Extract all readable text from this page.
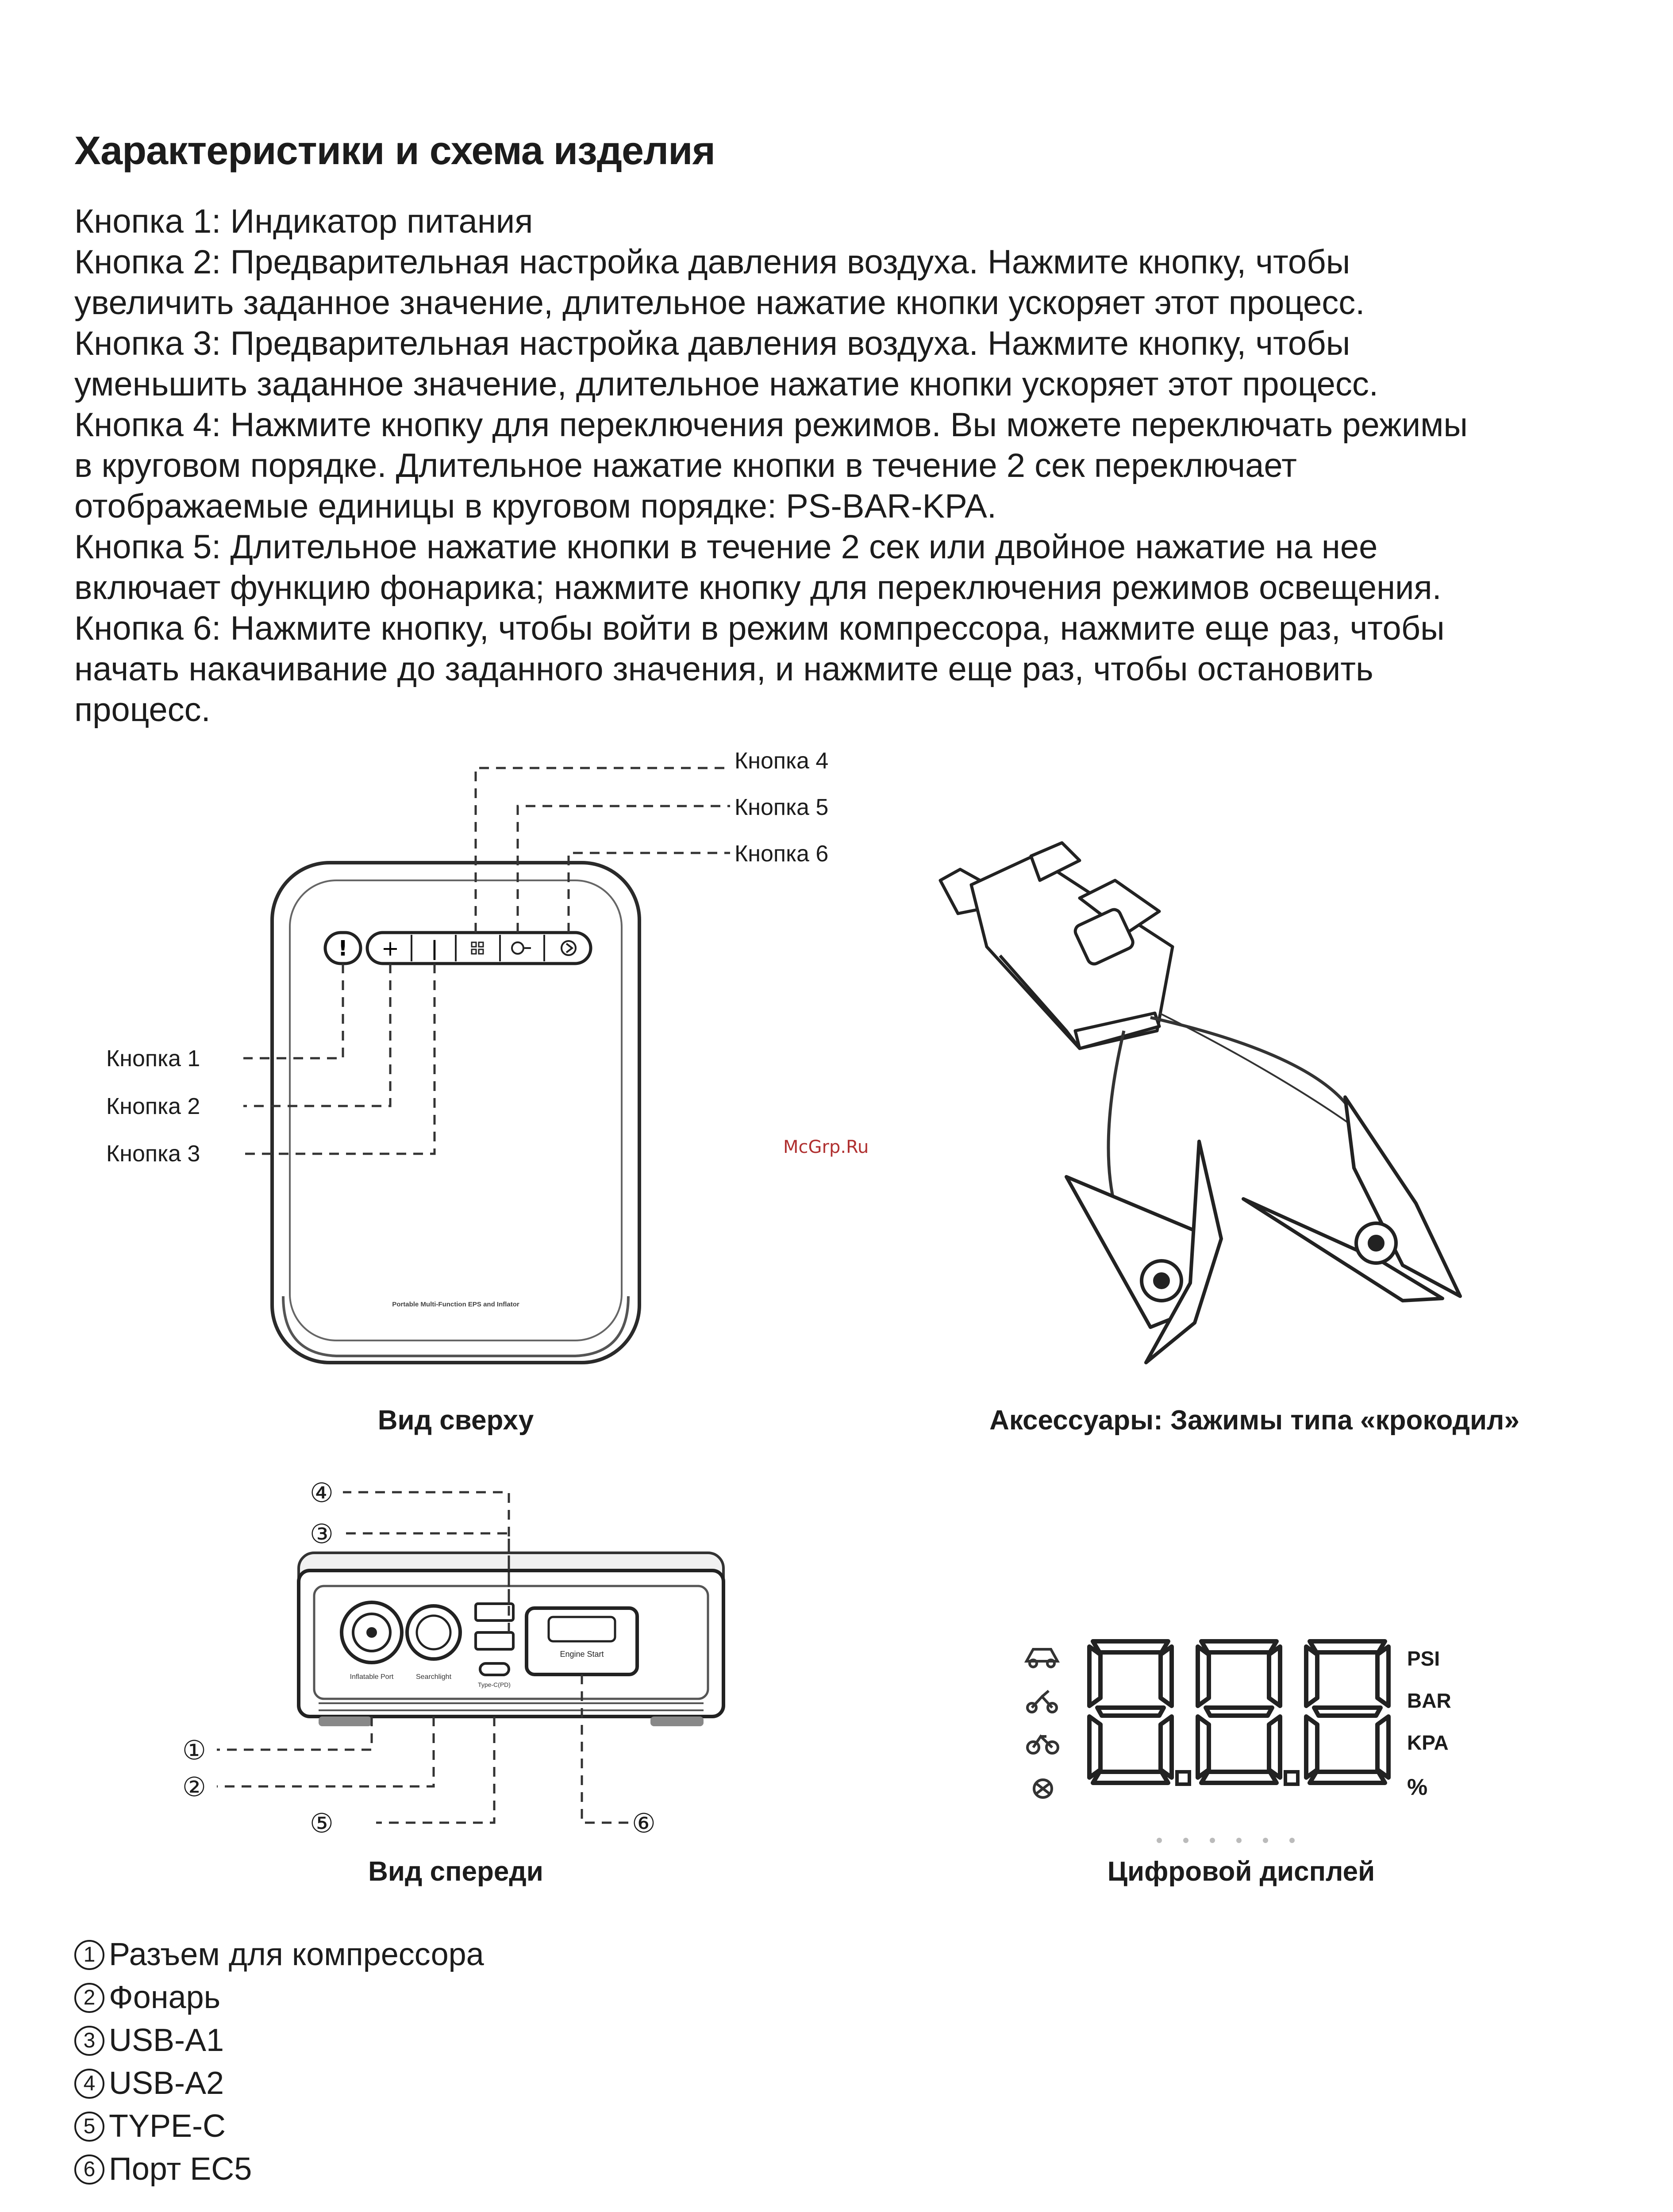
Характеристики и схема изделия
Кнопка 1: Индикатор питания
Кнопка 2: Предварительная настройка давления воздуха. Нажмите кнопку, чтобы
увеличить заданное значение, длительное нажатие кнопки ускоряет этот процесс.
Кнопка 3: Предварительная настройка давления воздуха. Нажмите кнопку, чтобы
уменьшить заданное значение, длительное нажатие кнопки ускоряет этот процесс.
Кнопка 4: Нажмите кнопку для переключения режимов. Вы можете переключать режимы
в круговом порядке. Длительное нажатие кнопки в течение 2 сек переключает
отображаемые единицы в круговом порядке: PS-BAR-KPA.
Кнопка 5: Длительное нажатие кнопки в течение 2 сек или двойное нажатие на нее
включает функцию фонарика; нажмите кнопку для переключения режимов освещения.
Кнопка 6: Нажмите кнопку, чтобы войти в режим компрессора, нажмите еще раз, чтобы
начать накачивание до заданного значения, и нажмите еще раз, чтобы остановить
процесс.
! + ǀ
Portable Multi-Function EPS and Inflator
Кнопка 4
Кнопка 5
Кнопка 6
Кнопка 1
Кнопка 2
Кнопка 3
Вид сверху	Аксессуары: Зажимы типа «крокодил»
Inflatable Port	Searchlight
Type-C(PD)
Engine Start
④
③
①
②
⑤	⑥
Вид спереди
PSI
BAR
KPA
%
Цифровой дисплей
McGrp.Ru
1 Разъем для компрессора
2 Фонарь
3 USB-A1
4 USB-A2
5 TYPE-C
6 Порт EC5
